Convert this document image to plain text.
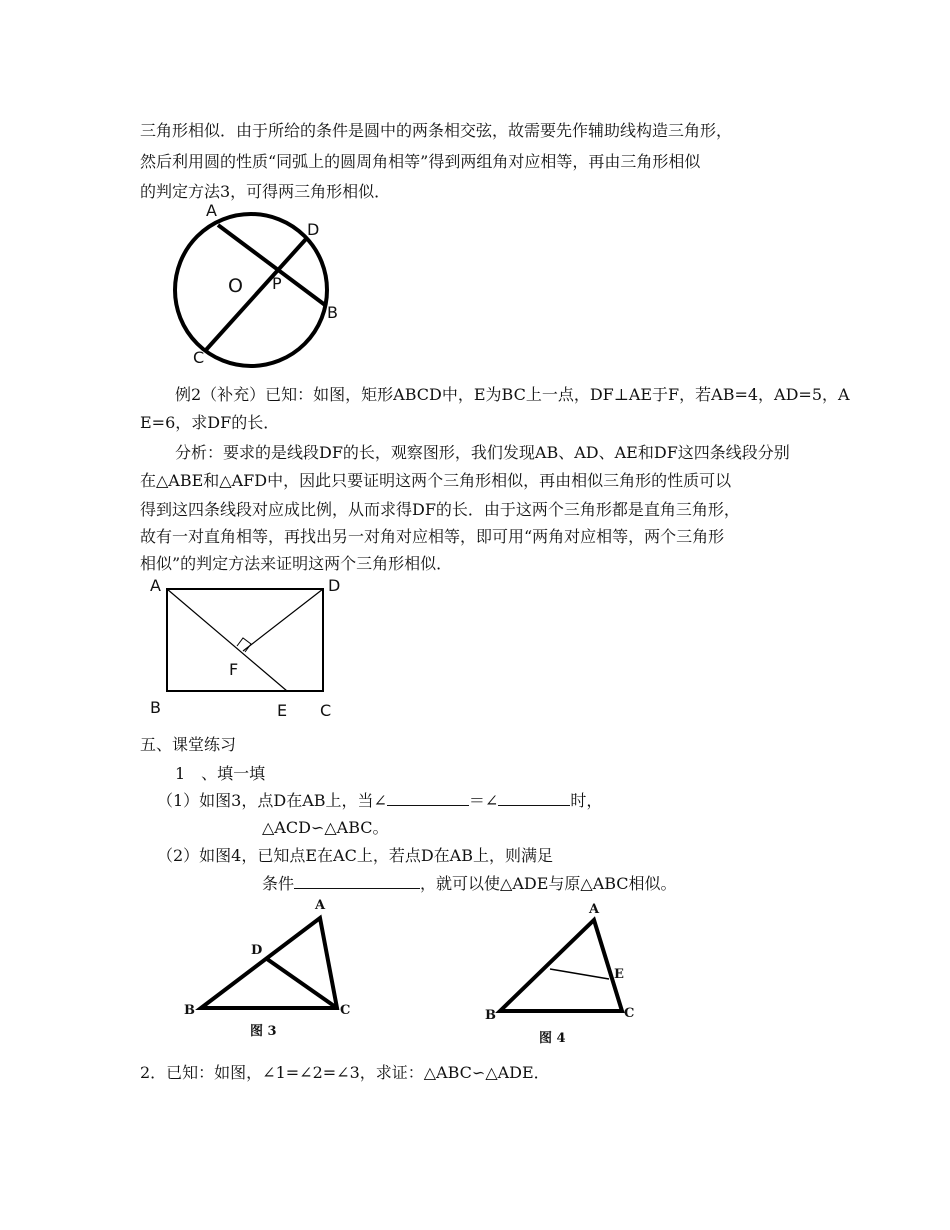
三角形相似．由于所给的条件是圆中的两条相交弦，故需要先作辅助线构造三角形，
然后利用圆的性质“同弧上的圆周角相等”得到两组角对应相等，再由三角形相似
的判定方法3，可得两三角形相似．
A
D
O P
B
C
例2（补充）已知：如图，矩形ABCD中，E为BC上一点，DF⊥AE于F，若AB=4，AD=5，A
E=6，求DF的长．
分析：要求的是线段DF的长，观察图形，我们发现AB、AD、AE和DF这四条线段分别
在△ABE和△AFD中，因此只要证明这两个三角形相似，再由相似三角形的性质可以
得到这四条线段对应成比例，从而求得DF的长．由于这两个三角形都是直角三角形，
故有一对直角相等，再找出另一对角对应相等，即可用“两角对应相等，两个三角形
相似”的判定方法来证明这两个三角形相似．
A	D
F
B	E C
五、课堂练习
1　、填一填
（1）如图3，点D在AB上，当∠	＝∠	时，
△ACD∽△ABC。
（2）如图4，已知点E在AC上，若点D在AB上，则满足
条件	，就可以使△ADE与原△ABC相似。
A
D
B	C
图 3
A
E
B	C
图 4
2．已知：如图，∠1=∠2=∠3，求证：△ABC∽△ADE．
